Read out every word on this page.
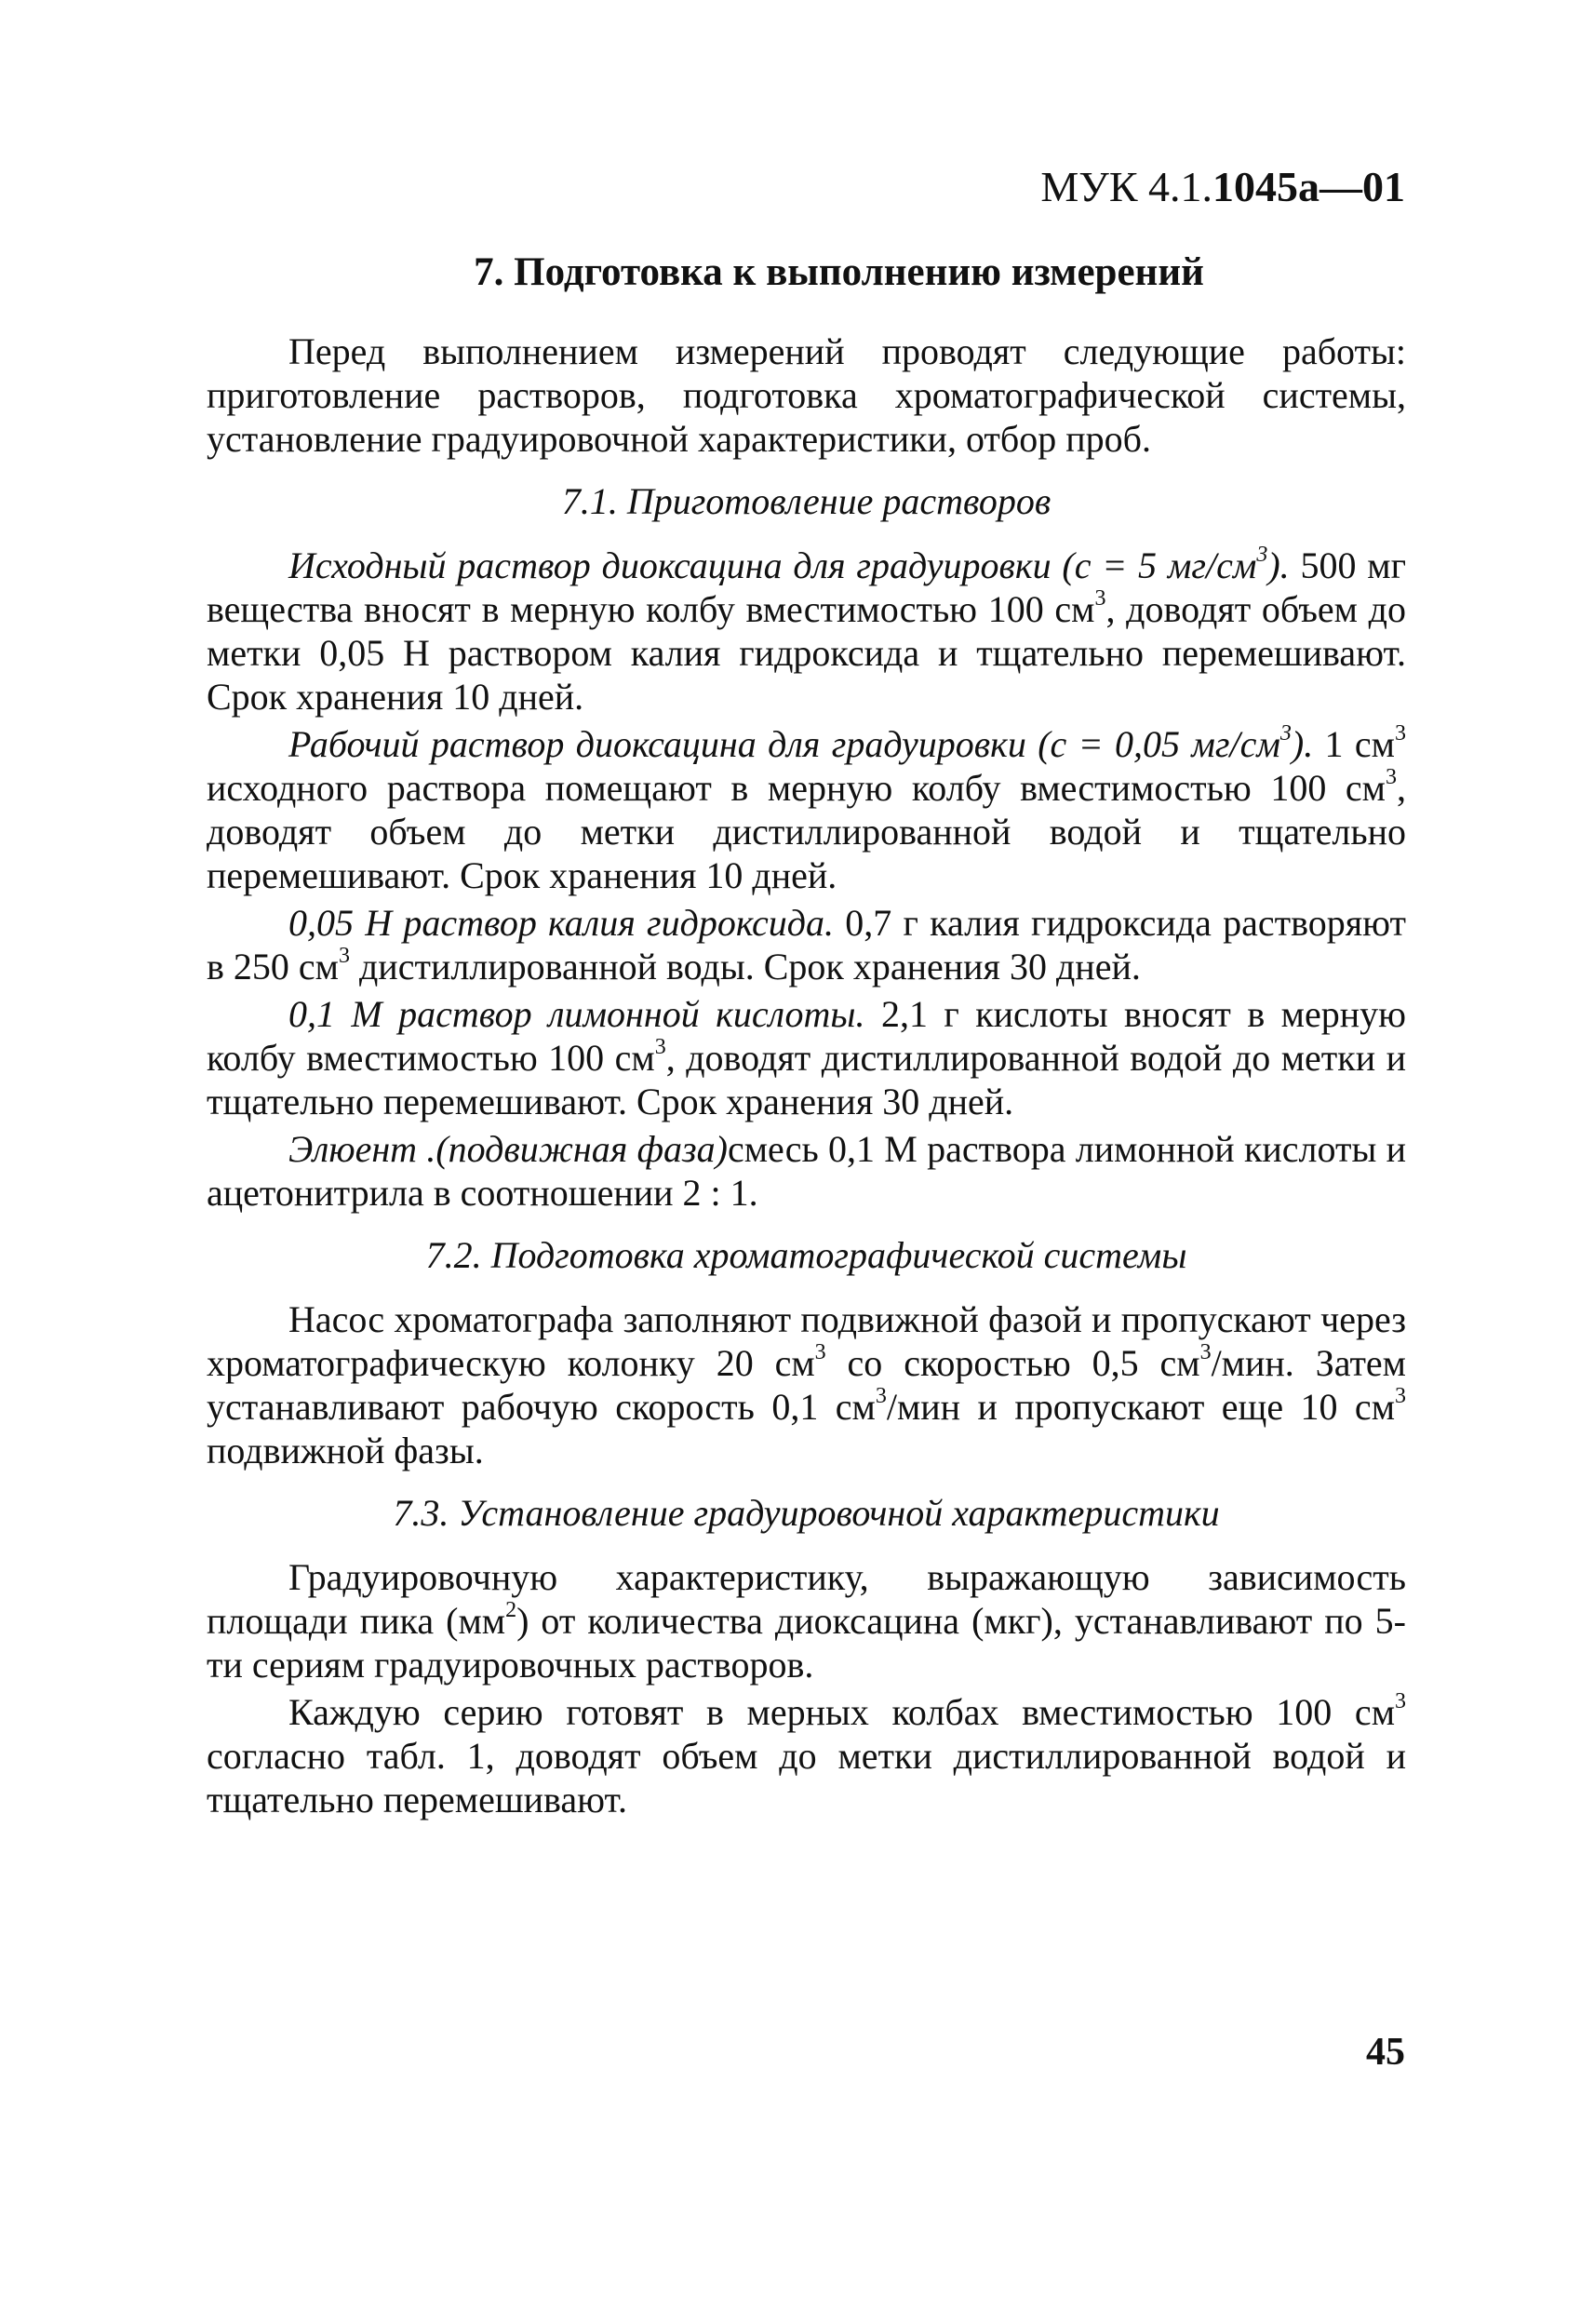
МУК 4.1.1045а—01
7. Подготовка к выполнению измерений

Перед выполнением измерений проводят следующие работы: приготовление растворов, подготовка хроматографической системы, установление градуировочной характеристики, отбор проб.

7.1. Приготовление растворов

Исходный раствор диоксацина для градуировки (с = 5 $мг/см^3$). 500 мг вещества вносят в мерную колбу вместимостью 100 $см^3$, доводят объем до метки 0,05 Н раствором калия гидроксида и тщательно перемешивают. Срок хранения 10 дней.

Рабочий раствор диоксацина для градуировки (с = 0,05 $мг/см^3$). 1 $см^3$ исходного раствора помещают в мерную колбу вместимостью 100 $см^3$, доводят объем до метки дистиллированной водой и тщательно перемешивают. Срок хранения 10 дней.

0,05 Н раствор калия гидроксида. 0,7 г калия гидроксида растворяют в 250 $см^3$ дистиллированной воды. Срок хранения 30 дней.

0,1 М раствор лимонной кислоты. 2,1 г кислоты вносят в мерную колбу вместимостью 100 $см^3$, доводят дистиллированной водой до метки и тщательно перемешивают. Срок хранения 30 дней.

Элюент .(подвижная фаза)смесь 0,1 М раствора лимонной кислоты и ацетонитрила в соотношении 2 : 1.

7.2. Подготовка хроматографической системы

Насос хроматографа заполняют подвижной фазой и пропускают через хроматографическую колонку 20 $см^3$ со скоростью 0,5 $см^3$/мин. Затем устанавливают рабочую скорость 0,1 $см^3$/мин и пропускают еще 10 $см^3$ подвижной фазы.

7.3. Установление градуировочной характеристики

Градуировочную характеристику, выражающую зависимость площади пика $(мм^2)$ от количества диоксацина (мкг), устанавливают по 5-ти сериям градуировочных растворов.

Каждую серию готовят в мерных колбах вместимостью 100 $см^3$ согласно табл. 1, доводят объем до метки дистиллированной водой и тщательно перемешивают.

45
